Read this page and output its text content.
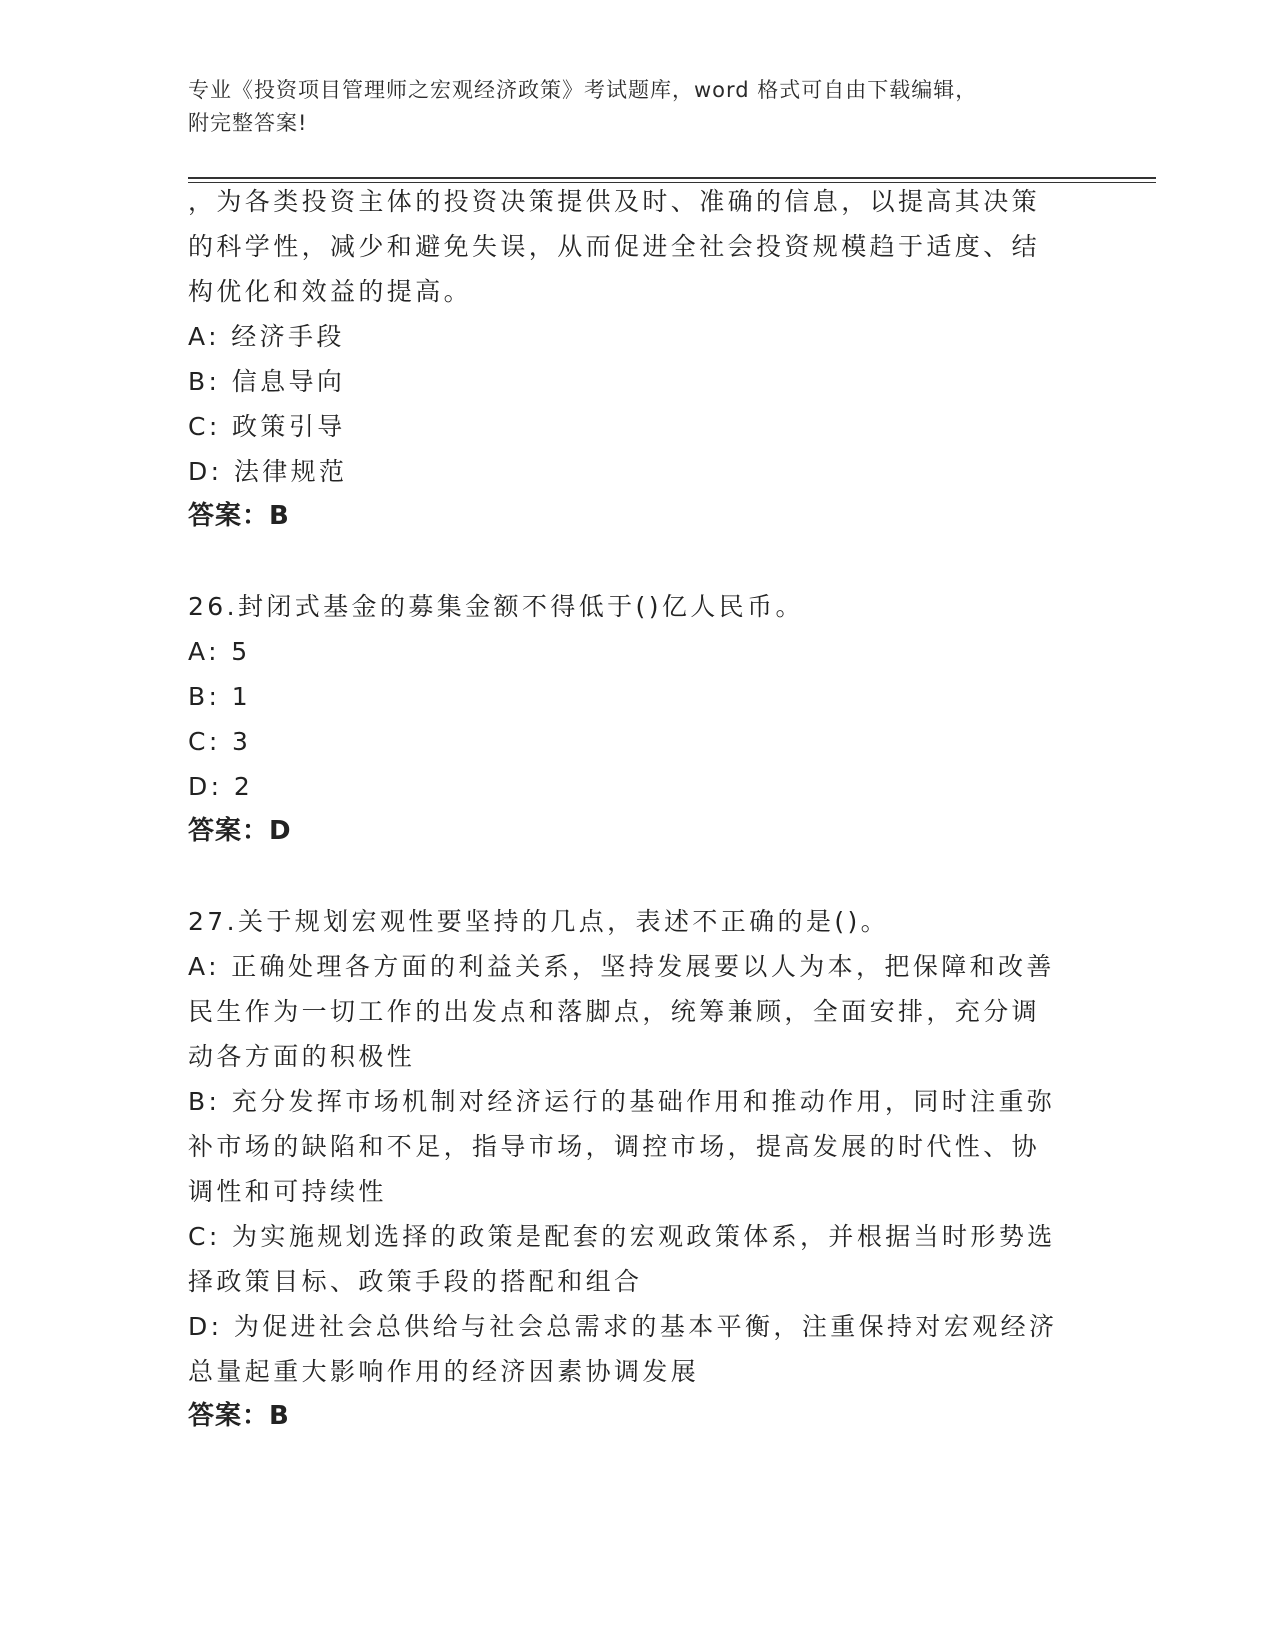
专业《投资项目管理师之宏观经济政策》考试题库，word 格式可自由下载编辑，
附完整答案!
，为各类投资主体的投资决策提供及时、准确的信息，以提高其决策
的科学性，减少和避免失误，从而促进全社会投资规模趋于适度、结
构优化和效益的提高。
A: 经济手段
B: 信息导向
C: 政策引导
D: 法律规范
答案：B
26.封闭式基金的募集金额不得低于()亿人民币。
A: 5
B: 1
C: 3
D: 2
答案：D
27.关于规划宏观性要坚持的几点，表述不正确的是()。
A: 正确处理各方面的利益关系，坚持发展要以人为本，把保障和改善
民生作为一切工作的出发点和落脚点，统筹兼顾，全面安排，充分调
动各方面的积极性
B: 充分发挥市场机制对经济运行的基础作用和推动作用，同时注重弥
补市场的缺陷和不足，指导市场，调控市场，提高发展的时代性、协
调性和可持续性
C: 为实施规划选择的政策是配套的宏观政策体系，并根据当时形势选
择政策目标、政策手段的搭配和组合
D: 为促进社会总供给与社会总需求的基本平衡，注重保持对宏观经济
总量起重大影响作用的经济因素协调发展
答案：B
